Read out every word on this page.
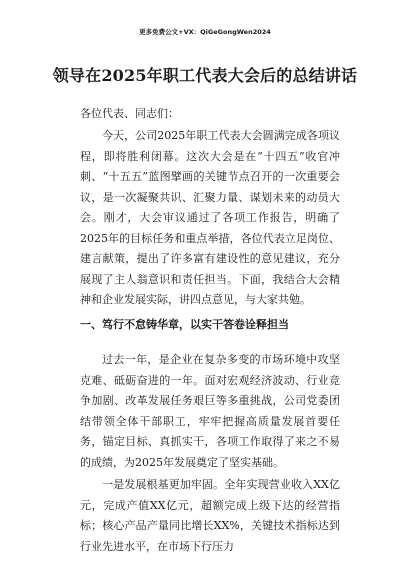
更多免费公文+VX：QiGeGongWen2024
领导在2025年职工代表大会后的总结讲话

各位代表、同志们：

今天，公司2025年职工代表大会圆满完成各项议程，即将胜利闭幕。这次大会是在“十四五”收官冲刺、“十五五”蓝图擘画的关键节点召开的一次重要会议，是一次凝聚共识、汇聚力量、谋划未来的动员大会。刚才，大会审议通过了各项工作报告，明确了2025年的目标任务和重点举措，各位代表立足岗位、建言献策，提出了许多富有建设性的意见建议，充分展现了主人翁意识和责任担当。下面，我结合大会精神和企业发展实际，讲四点意见，与大家共勉。

一、笃行不怠铸华章，以实干答卷诠释担当

过去一年，是企业在复杂多变的市场环境中攻坚克难、砥砺奋进的一年。面对宏观经济波动、行业竞争加剧、改革发展任务艰巨等多重挑战，公司党委团结带领全体干部职工，牢牢把握高质量发展首要任务，锚定目标、真抓实干，各项工作取得了来之不易的成绩，为2025年发展奠定了坚实基础。

一是发展根基更加牢固。全年实现营业收入XX亿元，完成产值XX亿元，超额完成上级下达的经营指标；核心产品产量同比增长XX%，关键技术指标达到行业先进水平，在市场下行压力
